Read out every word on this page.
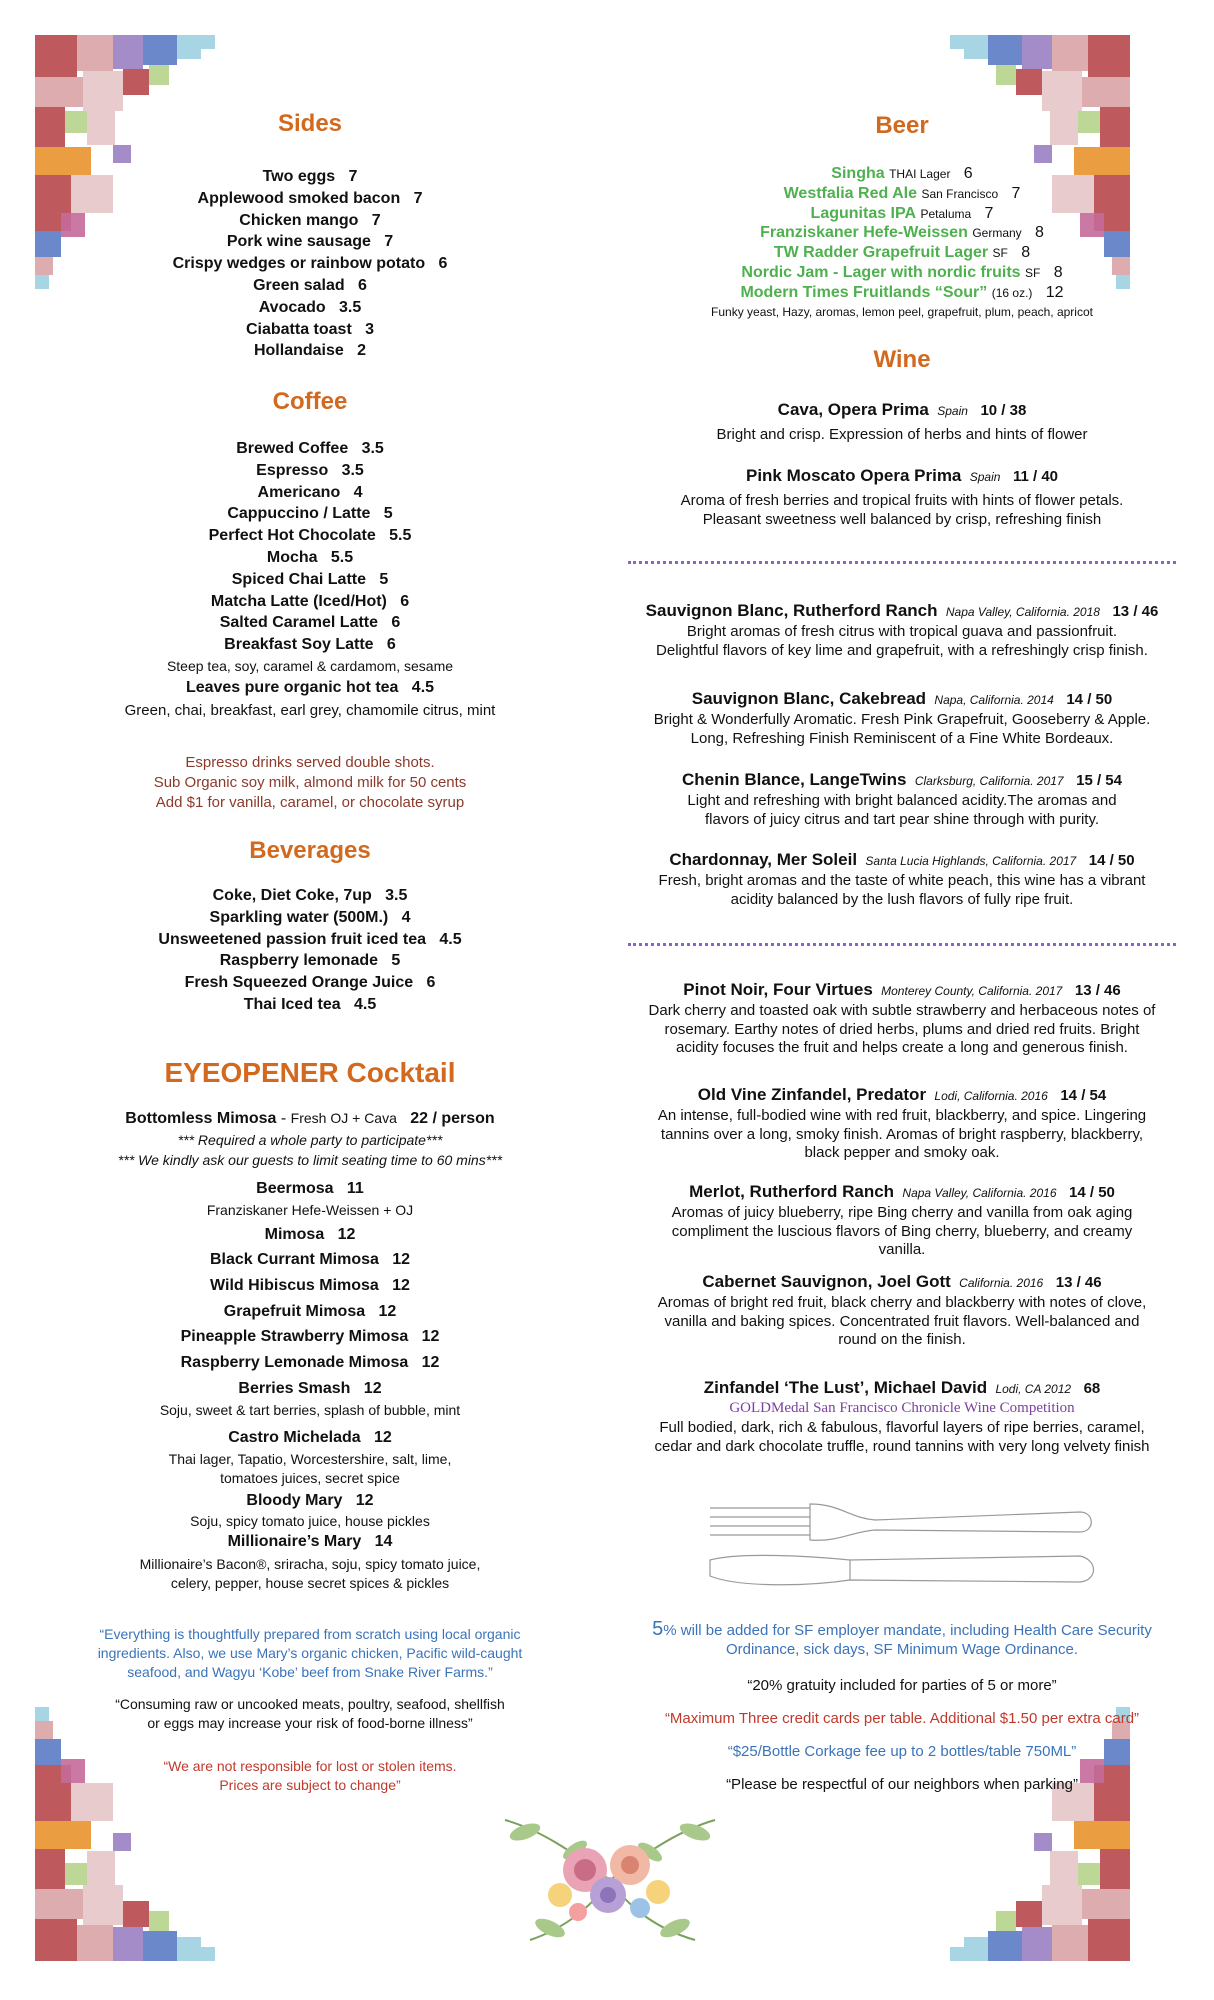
Sides
Two eggs 7
Applewood smoked bacon 7
Chicken mango 7
Pork wine sausage 7
Crispy wedges or rainbow potato 6
Green salad 6
Avocado 3.5
Ciabatta toast 3
Hollandaise 2
Coffee
Brewed Coffee 3.5
Espresso 3.5
Americano 4
Cappuccino / Latte 5
Perfect Hot Chocolate 5.5
Mocha 5.5
Spiced Chai Latte 5
Matcha Latte (Iced/Hot) 6
Salted Caramel Latte 6
Breakfast Soy Latte 6
Steep tea, soy, caramel & cardamom, sesame
Leaves pure organic hot tea 4.5
Green, chai, breakfast, earl grey, chamomile citrus, mint
Espresso drinks served double shots.
Sub Organic soy milk, almond milk for 50 cents
Add $1 for vanilla, caramel, or chocolate syrup
Beverages
Coke, Diet Coke, 7up 3.5
Sparkling water (500M.) 4
Unsweetened passion fruit iced tea 4.5
Raspberry lemonade 5
Fresh Squeezed Orange Juice 6
Thai Iced tea 4.5
EYEOPENER Cocktail
Bottomless Mimosa - Fresh OJ + Cava 22 / person
*** Required a whole party to participate***
*** We kindly ask our guests to limit seating time to 60 mins***
Beermosa 11
Franziskaner Hefe-Weissen + OJ
Mimosa 12
Black Currant Mimosa 12
Wild Hibiscus Mimosa 12
Grapefruit Mimosa 12
Pineapple Strawberry Mimosa 12
Raspberry Lemonade Mimosa 12
Berries Smash 12
Soju, sweet & tart berries, splash of bubble, mint
Castro Michelada 12
Thai lager, Tapatio, Worcestershire, salt, lime,
tomatoes juices, secret spice
Bloody Mary 12
Soju, spicy tomato juice, house pickles
Millionaire’s Mary 14
Millionaire’s Bacon®, sriracha, soju, spicy tomato juice,
celery, pepper, house secret spices & pickles
“Everything is thoughtfully prepared from scratch using local organic
ingredients. Also, we use Mary’s organic chicken, Pacific wild-caught
seafood, and Wagyu ‘Kobe’ beef from Snake River Farms.”
“Consuming raw or uncooked meats, poultry, seafood, shellfish
or eggs may increase your risk of food-borne illness”
“We are not responsible for lost or stolen items.
Prices are subject to change”
Beer
Singha THAI Lager 6
Westfalia Red Ale San Francisco 7
Lagunitas IPA Petaluma 7
Franziskaner Hefe-Weissen Germany 8
TW Radder Grapefruit Lager SF 8
Nordic Jam - Lager with nordic fruits SF 8
Modern Times Fruitlands “Sour” (16 oz.) 12
Funky yeast, Hazy, aromas, lemon peel, grapefruit, plum, peach, apricot
Wine
Cava, Opera Prima Spain 10 / 38
Bright and crisp. Expression of herbs and hints of flower
Pink Moscato Opera Prima Spain 11 / 40
Aroma of fresh berries and tropical fruits with hints of flower petals.
Pleasant sweetness well balanced by crisp, refreshing finish
Sauvignon Blanc, Rutherford Ranch Napa Valley, California. 2018 13 / 46
Bright aromas of fresh citrus with tropical guava and passionfruit.
Delightful flavors of key lime and grapefruit, with a refreshingly crisp finish.
Sauvignon Blanc, Cakebread Napa, California. 2014 14 / 50
Bright & Wonderfully Aromatic. Fresh Pink Grapefruit, Gooseberry & Apple.
Long, Refreshing Finish Reminiscent of a Fine White Bordeaux.
Chenin Blance, LangeTwins Clarksburg, California. 2017 15 / 54
Light and refreshing with bright balanced acidity.The aromas and
flavors of juicy citrus and tart pear shine through with purity.
Chardonnay, Mer Soleil Santa Lucia Highlands, California. 2017 14 / 50
Fresh, bright aromas and the taste of white peach, this wine has a vibrant
acidity balanced by the lush flavors of fully ripe fruit.
Pinot Noir, Four Virtues Monterey County, California. 2017 13 / 46
Dark cherry and toasted oak with subtle strawberry and herbaceous notes of
rosemary. Earthy notes of dried herbs, plums and dried red fruits. Bright
acidity focuses the fruit and helps create a long and generous finish.
Old Vine Zinfandel, Predator Lodi, California. 2016 14 / 54
An intense, full-bodied wine with red fruit, blackberry, and spice. Lingering
tannins over a long, smoky finish. Aromas of bright raspberry, blackberry,
black pepper and smoky oak.
Merlot, Rutherford Ranch Napa Valley, California. 2016 14 / 50
Aromas of juicy blueberry, ripe Bing cherry and vanilla from oak aging
compliment the luscious flavors of Bing cherry, blueberry, and creamy
vanilla.
Cabernet Sauvignon, Joel Gott California. 2016 13 / 46
Aromas of bright red fruit, black cherry and blackberry with notes of clove,
vanilla and baking spices. Concentrated fruit flavors. Well-balanced and
round on the finish.
Zinfandel ‘The Lust’, Michael David Lodi, CA 2012 68
GOLDMedal San Francisco Chronicle Wine Competition
Full bodied, dark, rich & fabulous, flavorful layers of ripe berries, caramel,
cedar and dark chocolate truffle, round tannins with very long velvety finish
5% will be added for SF employer mandate, including Health Care Security
Ordinance, sick days, SF Minimum Wage Ordinance.
“20% gratuity included for parties of 5 or more”
“Maximum Three credit cards per table. Additional $1.50 per extra card”
“$25/Bottle Corkage fee up to 2 bottles/table 750ML”
“Please be respectful of our neighbors when parking”
